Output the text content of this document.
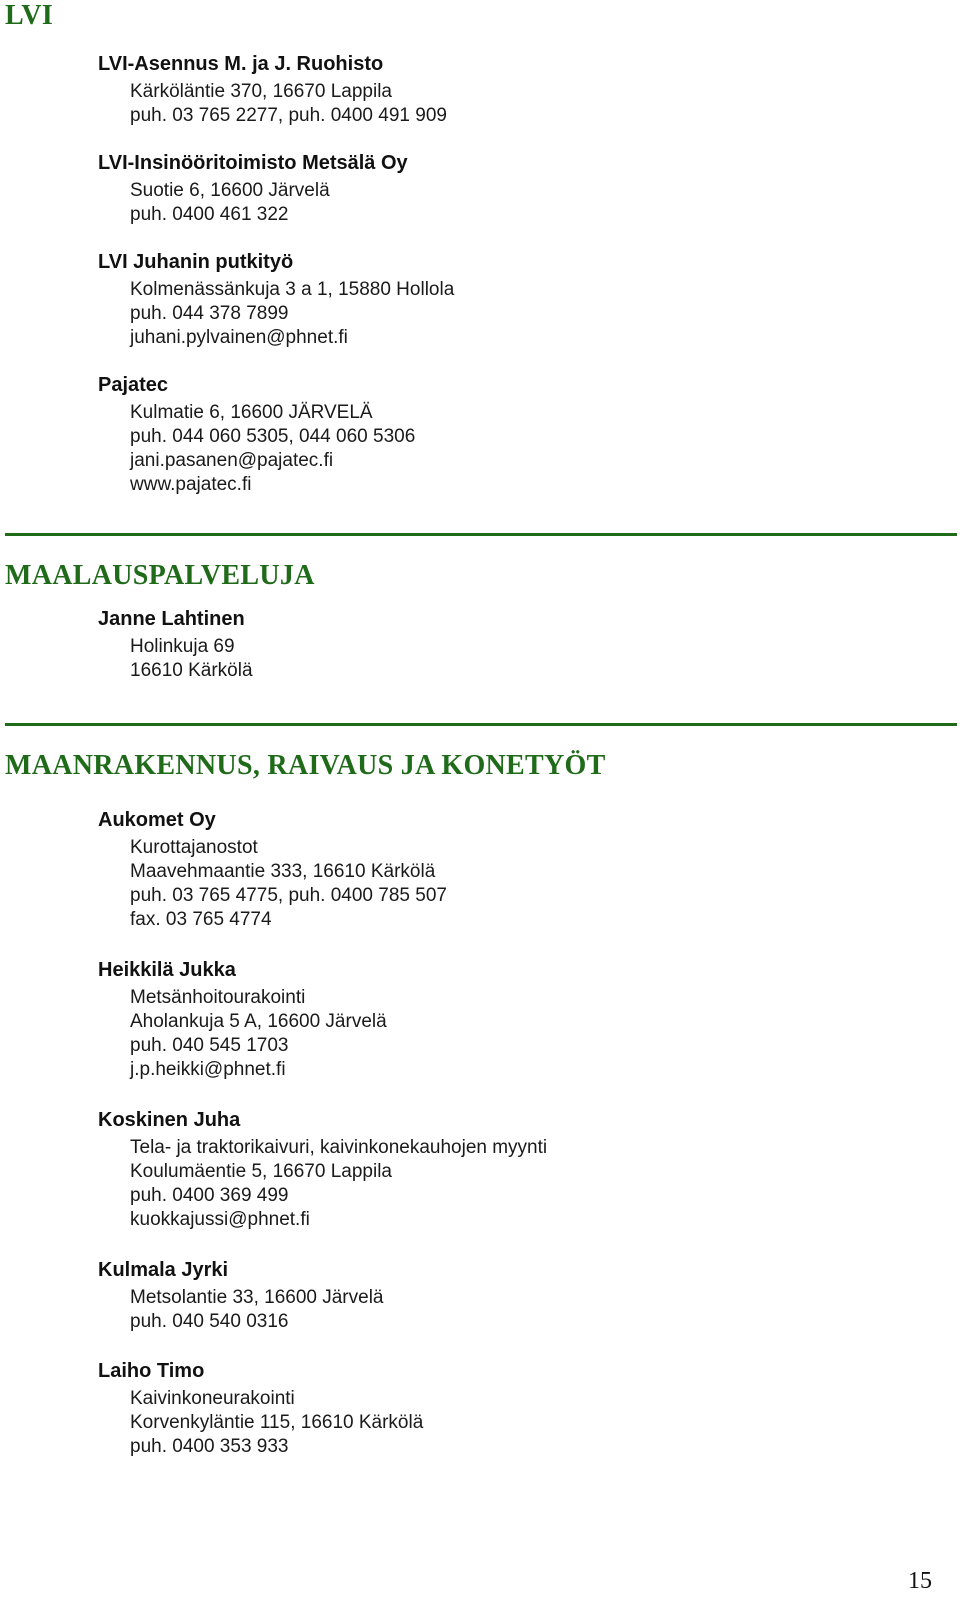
LVI

LVI-Asennus M. ja J. Ruohisto

Kärköläntie 370, 16670 Lappila

puh. 03 765 2277, puh. 0400 491 909

LVI-Insinööritoimisto Metsälä Oy

Suotie 6, 16600 Järvelä

puh. 0400 461 322

LVI Juhanin putkityö

Kolmenässänkuja 3 a 1, 15880 Hollola

puh. 044 378 7899

juhani.pylvainen@phnet.fi

Pajatec

Kulmatie 6, 16600 JÄRVELÄ

puh. 044 060 5305, 044 060 5306

jani.pasanen@pajatec.fi

www.pajatec.fi

MAALAUSPALVELUJA

Janne Lahtinen

Holinkuja 69

16610 Kärkölä

MAANRAKENNUS, RAIVAUS JA KONETYÖT

Aukomet Oy

Kurottajanostot

Maavehmaantie 333, 16610 Kärkölä

puh. 03 765 4775, puh. 0400 785 507

fax. 03 765 4774

Heikkilä Jukka

Metsänhoitourakointi

Aholankuja 5 A, 16600 Järvelä

puh. 040 545 1703

j.p.heikki@phnet.fi

Koskinen Juha

Tela- ja traktorikaivuri, kaivinkonekauhojen myynti

Koulumäentie 5, 16670 Lappila

puh. 0400 369 499

kuokkajussi@phnet.fi

Kulmala Jyrki

Metsolantie 33, 16600 Järvelä

puh. 040 540 0316

Laiho Timo

Kaivinkoneurakointi

Korvenkyläntie 115, 16610 Kärkölä

puh. 0400 353 933

15
